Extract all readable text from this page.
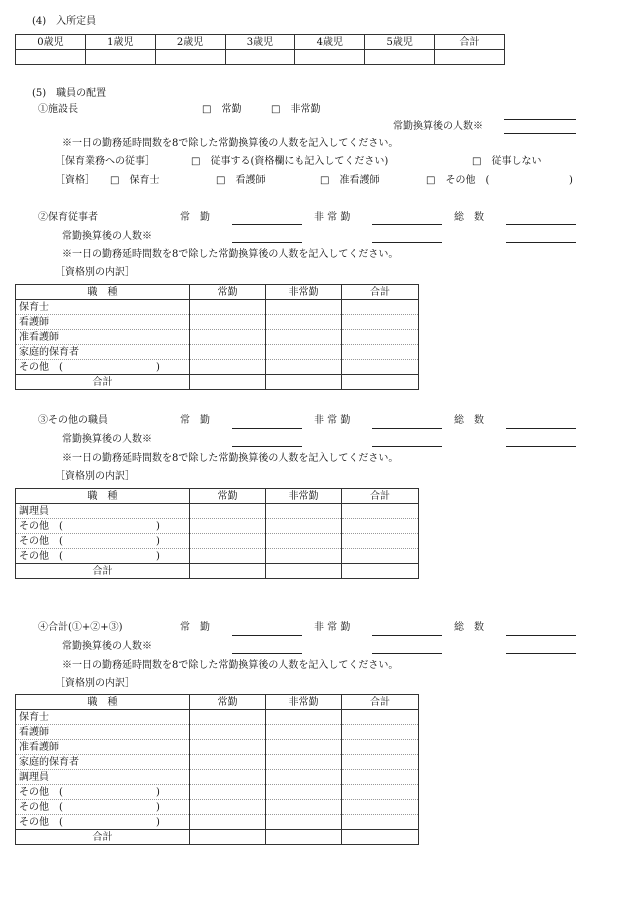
(4)　入所定員
0歳児	1歳児	2歳児	3歳児	4歳児	5歳児	合計

(5)　職員の配置
①施設長	□　常勤	□　非常勤
常勤換算後の人数※
※一日の勤務延時間数を8で除した常勤換算後の人数を記入してください。
［保育業務への従事］	□　従事する(資格欄にも記入してください)	□　従事しない
［資格］ □　保育士	□　看護師	□　准看護師	□　その他　(	)
②保育従事者	常　勤	非 常 勤	総　数
常勤換算後の人数※
※一日の勤務延時間数を8で除した常勤換算後の人数を記入してください。
［資格別の内訳］
職　種	常勤	非常勤	合計
保育士			
看護師			
准看護師			
家庭的保育者			
その他　( )			

合計			
③その他の職員	常　勤	非 常 勤	総　数
常勤換算後の人数※
※一日の勤務延時間数を8で除した常勤換算後の人数を記入してください。
［資格別の内訳］
職　種	常勤	非常勤	合計
調理員			
その他　( )			

その他　( )			

その他　( )			

合計			
④合計(①+②+③)	常　勤	非 常 勤	総　数
常勤換算後の人数※
※一日の勤務延時間数を8で除した常勤換算後の人数を記入してください。
［資格別の内訳］
職　種	常勤	非常勤	合計
保育士			
看護師			
准看護師			
家庭的保育者			
調理員			
その他　( )			

その他　( )			

その他　( )			

合計			
